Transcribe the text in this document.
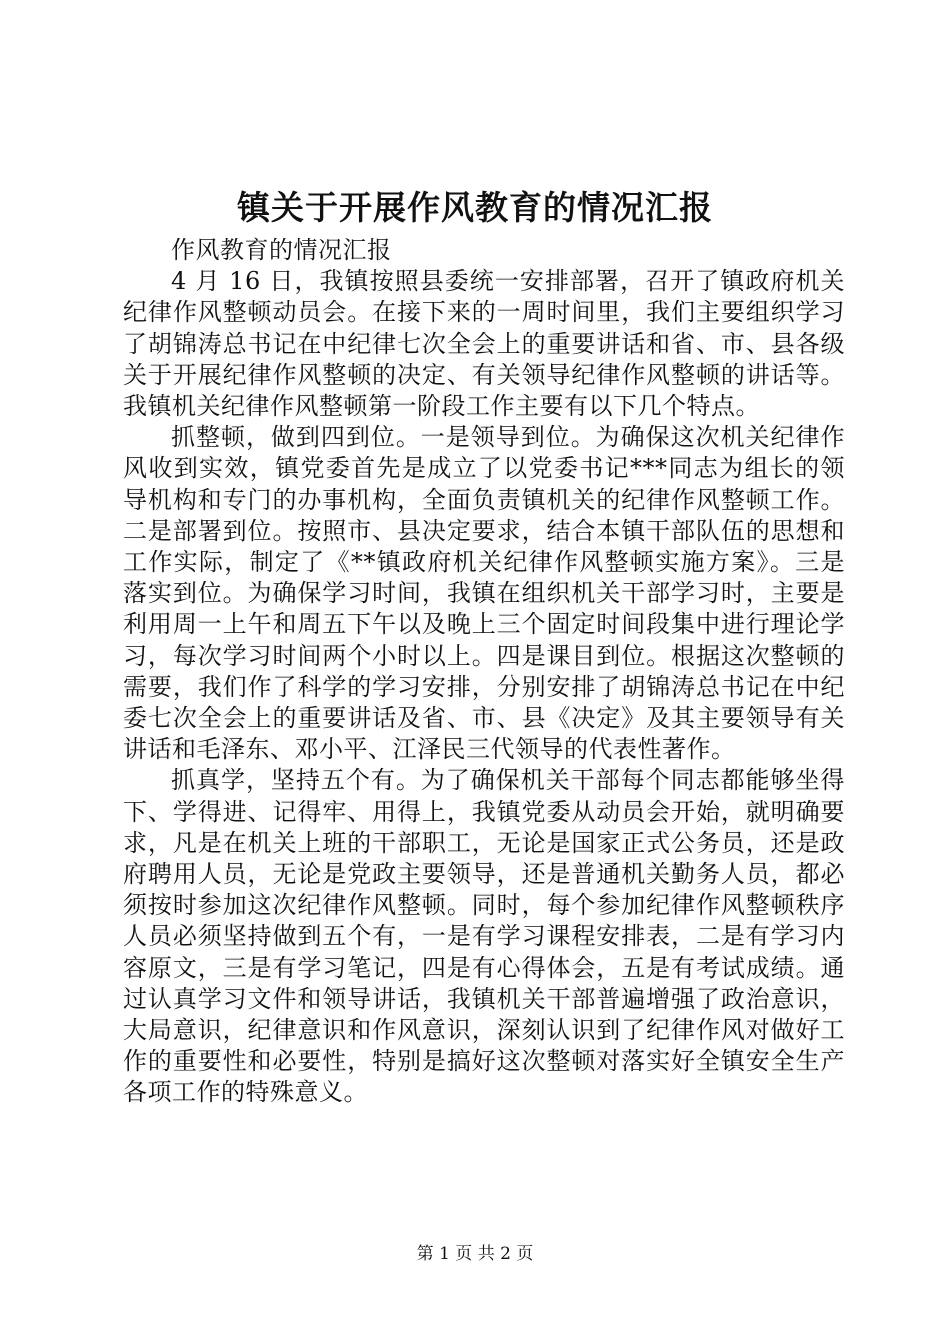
镇关于开展作风教育的情况汇报

作风教育的情况汇报

4 月 16 日，我镇按照县委统一安排部署，召开了镇政府机关纪律作风整顿动员会。在接下来的一周时间里，我们主要组织学习了胡锦涛总书记在中纪律七次全会上的重要讲话和省、市、县各级关于开展纪律作风整顿的决定、有关领导纪律作风整顿的讲话等。我镇机关纪律作风整顿第一阶段工作主要有以下几个特点。

抓整顿，做到四到位。一是领导到位。为确保这次机关纪律作风收到实效，镇党委首先是成立了以党委书记***同志为组长的领导机构和专门的办事机构，全面负责镇机关的纪律作风整顿工作。二是部署到位。按照市、县决定要求，结合本镇干部队伍的思想和工作实际，制定了《**镇政府机关纪律作风整顿实施方案》。三是落实到位。为确保学习时间，我镇在组织机关干部学习时，主要是利用周一上午和周五下午以及晚上三个固定时间段集中进行理论学习，每次学习时间两个小时以上。四是课目到位。根据这次整顿的需要，我们作了科学的学习安排，分别安排了胡锦涛总书记在中纪委七次全会上的重要讲话及省、市、县《决定》及其主要领导有关讲话和毛泽东、邓小平、江泽民三代领导的代表性著作。

抓真学，坚持五个有。为了确保机关干部每个同志都能够坐得下、学得进、记得牢、用得上，我镇党委从动员会开始，就明确要求，凡是在机关上班的干部职工，无论是国家正式公务员，还是政府聘用人员，无论是党政主要领导，还是普通机关勤务人员，都必须按时参加这次纪律作风整顿。同时，每个参加纪律作风整顿秩序人员必须坚持做到五个有，一是有学习课程安排表，二是有学习内容原文，三是有学习笔记，四是有心得体会，五是有考试成绩。通过认真学习文件和领导讲话，我镇机关干部普遍增强了政治意识，大局意识，纪律意识和作风意识，深刻认识到了纪律作风对做好工作的重要性和必要性，特别是搞好这次整顿对落实好全镇安全生产各项工作的特殊意义。

第 1 页 共 2 页
